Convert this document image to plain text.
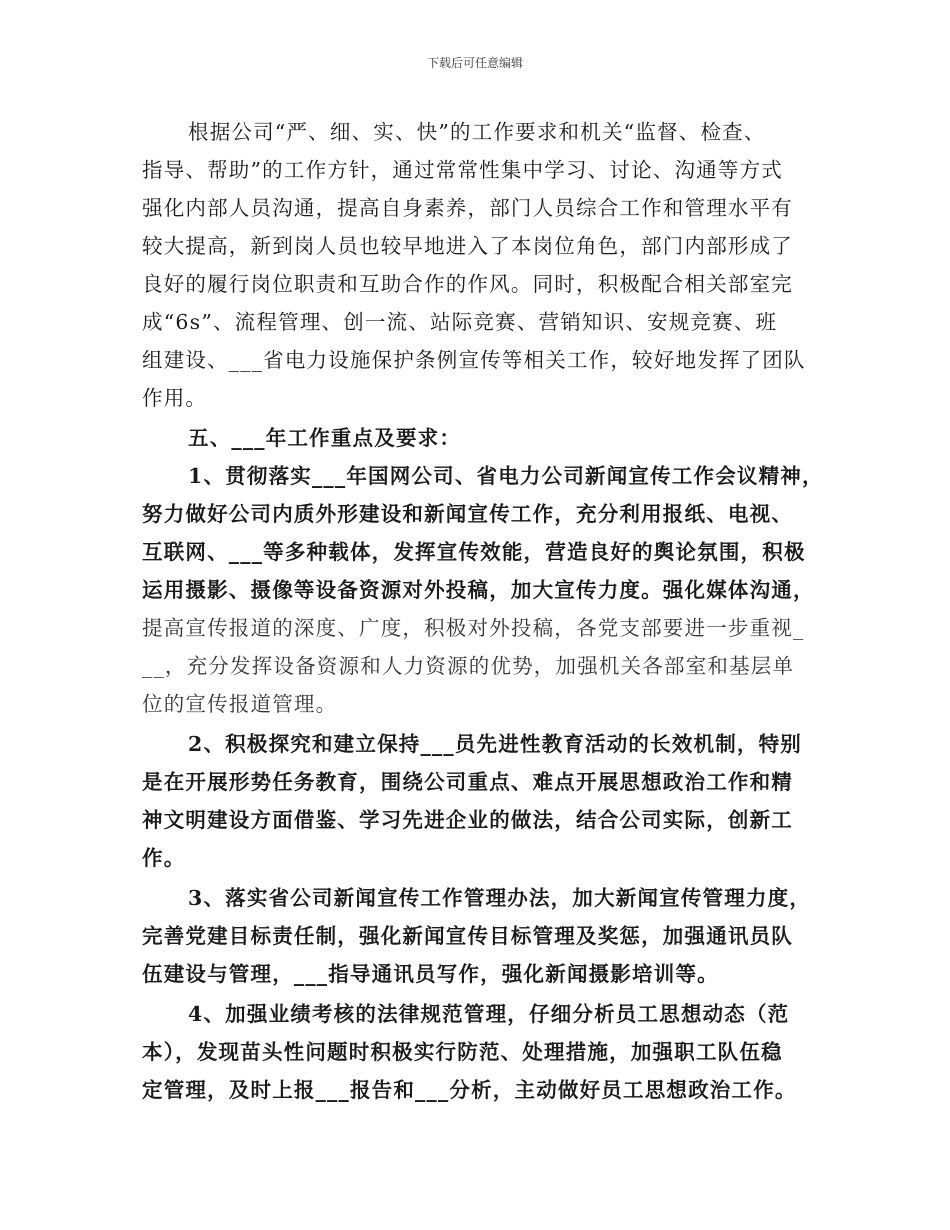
下载后可任意编辑
根据公司“严、细、实、快”的工作要求和机关“监督、检查、
指导、帮助”的工作方针，通过常常性集中学习、讨论、沟通等方式
强化内部人员沟通，提高自身素养，部门人员综合工作和管理水平有
较大提高，新到岗人员也较早地进入了本岗位角色，部门内部形成了
良好的履行岗位职责和互助合作的作风。同时，积极配合相关部室完
成“6s”、流程管理、创一流、站际竞赛、营销知识、安规竞赛、班
组建设、___省电力设施保护条例宣传等相关工作，较好地发挥了团队
作用。
五、___年工作重点及要求：
1、贯彻落实___年国网公司、省电力公司新闻宣传工作会议精神，
努力做好公司内质外形建设和新闻宣传工作，充分利用报纸、电视、
互联网、___等多种载体，发挥宣传效能，营造良好的舆论氛围，积极
运用摄影、摄像等设备资源对外投稿，加大宣传力度。强化媒体沟通，
提高宣传报道的深度、广度，积极对外投稿，各党支部要进一步重视_
__，充分发挥设备资源和人力资源的优势，加强机关各部室和基层单
位的宣传报道管理。
2、积极探究和建立保持___员先进性教育活动的长效机制，特别
是在开展形势任务教育，围绕公司重点、难点开展思想政治工作和精
神文明建设方面借鉴、学习先进企业的做法，结合公司实际，创新工
作。
3、落实省公司新闻宣传工作管理办法，加大新闻宣传管理力度，
完善党建目标责任制，强化新闻宣传目标管理及奖惩，加强通讯员队
伍建设与管理，___指导通讯员写作，强化新闻摄影培训等。
4、加强业绩考核的法律规范管理，仔细分析员工思想动态（范
本），发现苗头性问题时积极实行防范、处理措施，加强职工队伍稳
定管理，及时上报___报告和___分析，主动做好员工思想政治工作。
